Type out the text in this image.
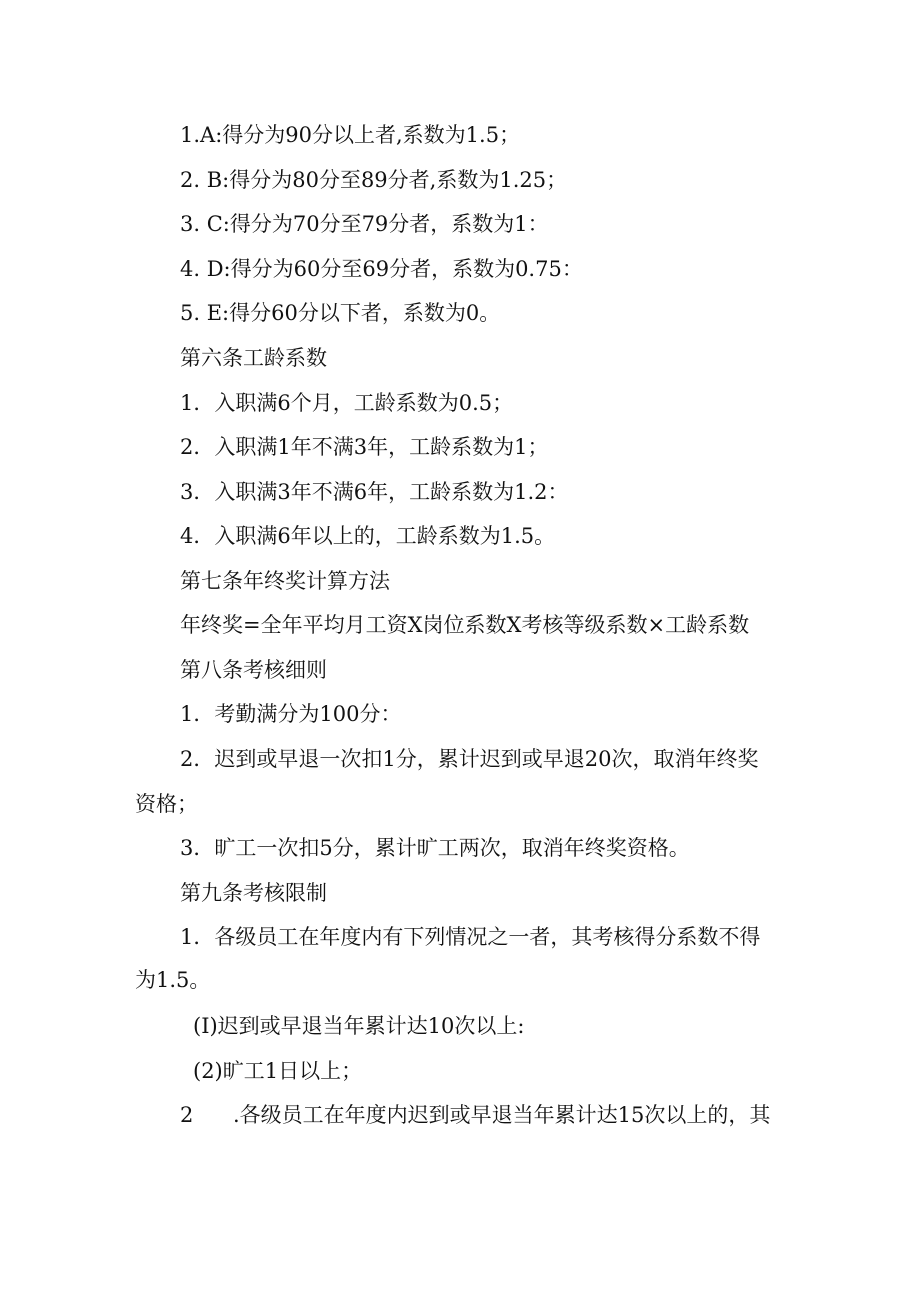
1.A:得分为90分以上者,系数为1.5；
2. B:得分为80分至89分者,系数为1.25；
3. C:得分为70分至79分者，系数为1：
4. D:得分为60分至69分者，系数为0.75：
5. E:得分60分以下者，系数为0。
第六条工龄系数
1．入职满6个月，工龄系数为0.5；
2．入职满1年不满3年，工龄系数为1；
3．入职满3年不满6年，工龄系数为1.2：
4．入职满6年以上的，工龄系数为1.5。
第七条年终奖计算方法
年终奖=全年平均月工资X岗位系数X考核等级系数×工龄系数
第八条考核细则
1．考勤满分为100分：
2．迟到或早退一次扣1分，累计迟到或早退20次，取消年终奖
资格；
3．旷工一次扣5分，累计旷工两次，取消年终奖资格。
第九条考核限制
1．各级员工在年度内有下列情况之一者，其考核得分系数不得
为1.5。
(I)迟到或早退当年累计达10次以上:
(2)旷工1日以上；
2 .各级员工在年度内迟到或早退当年累计达15次以上的，其
